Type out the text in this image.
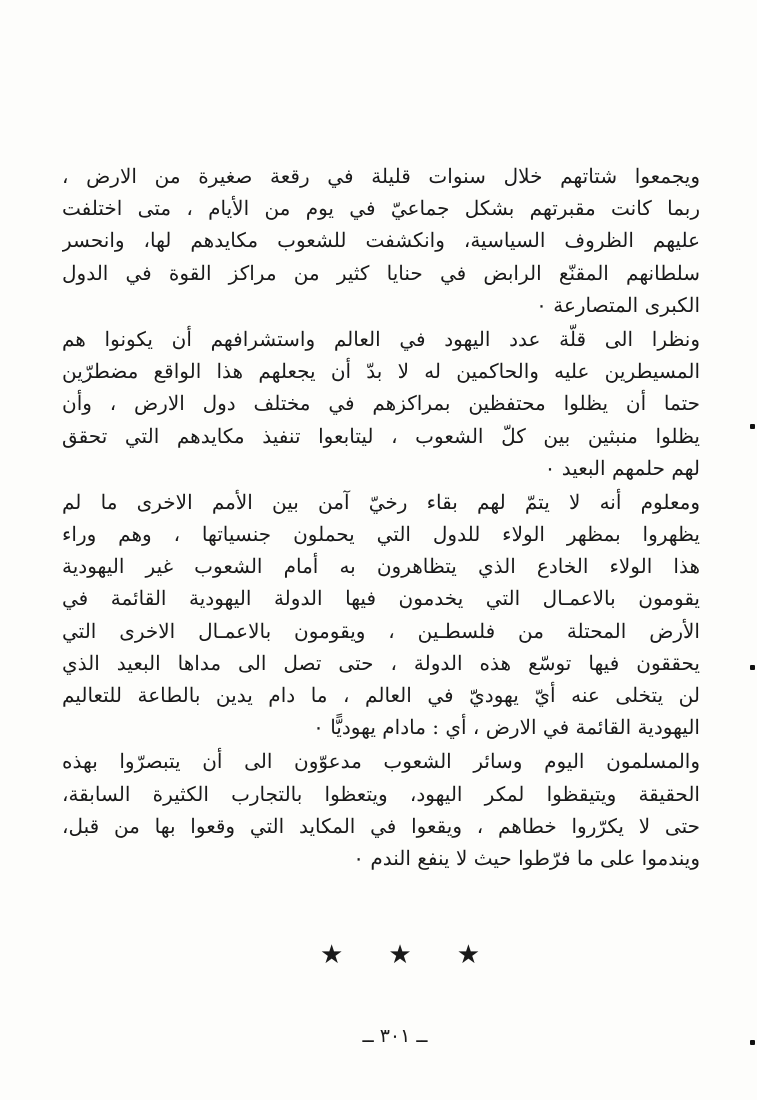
ويجمعوا شتاتهم خلال سنوات قليلة في رقعة صغيرة من الارض ،
ربما كانت مقبرتهم بشكل جماعيّ في يوم من الأيام ، متى اختلفت
عليهم الظروف السياسية، وانكشفت للشعوب مكايدهم لها، وانحسر
سلطانهم المقنّع الرابض في حنايا كثير من مراكز القوة في الدول
الكبرى المتصارعة ٠
ونظرا الى قلّة عدد اليهود في العالم واستشرافهم أن يكونوا هم
المسيطرين عليه والحاكمين له لا بدّ أن يجعلهم هذا الواقع مضطرّين
حتما أن يظلوا محتفظين بمراكزهم في مختلف دول الارض ، وأن
يظلوا منبثين بين كلّ الشعوب ، ليتابعوا تنفيذ مكايدهم التي تحقق
لهم حلمهم البعيد ٠
ومعلوم أنه لا يتمّ لهم بقاء رخيّ آمن بين الأمم الاخرى ما لم
يظهروا بمظهر الولاء للدول التي يحملون جنسياتها ، وهم وراء
هذا الولاء الخادع الذي يتظاهرون به أمام الشعوب غير اليهودية
يقومون بالاعمـال التي يخدمون فيها الدولة اليهودية القائمة في
الأرض المحتلة من فلسطـين ، ويقومون بالاعمـال الاخرى التي
يحققون فيها توسّع هذه الدولة ، حتى تصل الى مداها البعيد الذي
لن يتخلى عنه أيّ يهوديّ في العالم ، ما دام يدين بالطاعة للتعاليم
اليهودية القائمة في الارض ، أي : مادام يهوديًّا ٠
والمسلمون اليوم وسائر الشعوب مدعوّون الى أن يتبصرّوا بهذه
الحقيقة ويتيقظوا لمكر اليهود، ويتعظوا بالتجارب الكثيرة السابقة،
حتى لا يكرّروا خطاهم ، ويقعوا في المكايد التي وقعوا بها من قبل،
ويندموا على ما فرّطوا حيث لا ينفع الندم ٠
★ ★ ★
ــ ٣٠١ ــ
